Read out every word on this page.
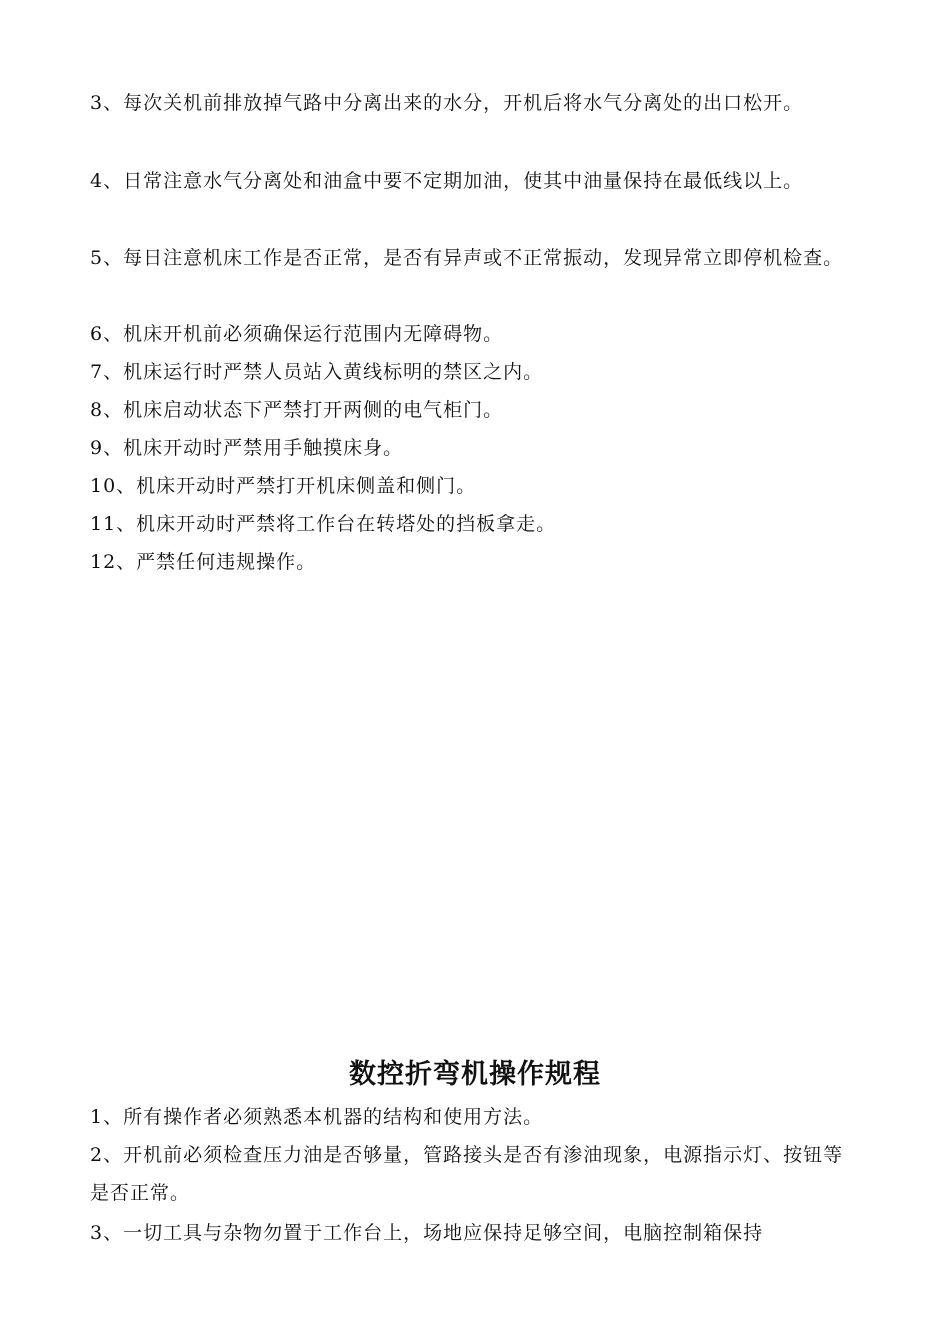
3、每次关机前排放掉气路中分离出来的水分，开机后将水气分离处的出口松开。

4、日常注意水气分离处和油盒中要不定期加油，使其中油量保持在最低线以上。

5、每日注意机床工作是否正常，是否有异声或不正常振动，发现异常立即停机检查。

6、机床开机前必须确保运行范围内无障碍物。

7、机床运行时严禁人员站入黄线标明的禁区之内。

8、机床启动状态下严禁打开两侧的电气柜门。

9、机床开动时严禁用手触摸床身。

10、机床开动时严禁打开机床侧盖和侧门。

11、机床开动时严禁将工作台在转塔处的挡板拿走。

12、严禁任何违规操作。

数控折弯机操作规程

1、所有操作者必须熟悉本机器的结构和使用方法。

2、开机前必须检查压力油是否够量，管路接头是否有渗油现象，电源指示灯、按钮等是否正常。

3、一切工具与杂物勿置于工作台上，场地应保持足够空间，电脑控制箱保持
